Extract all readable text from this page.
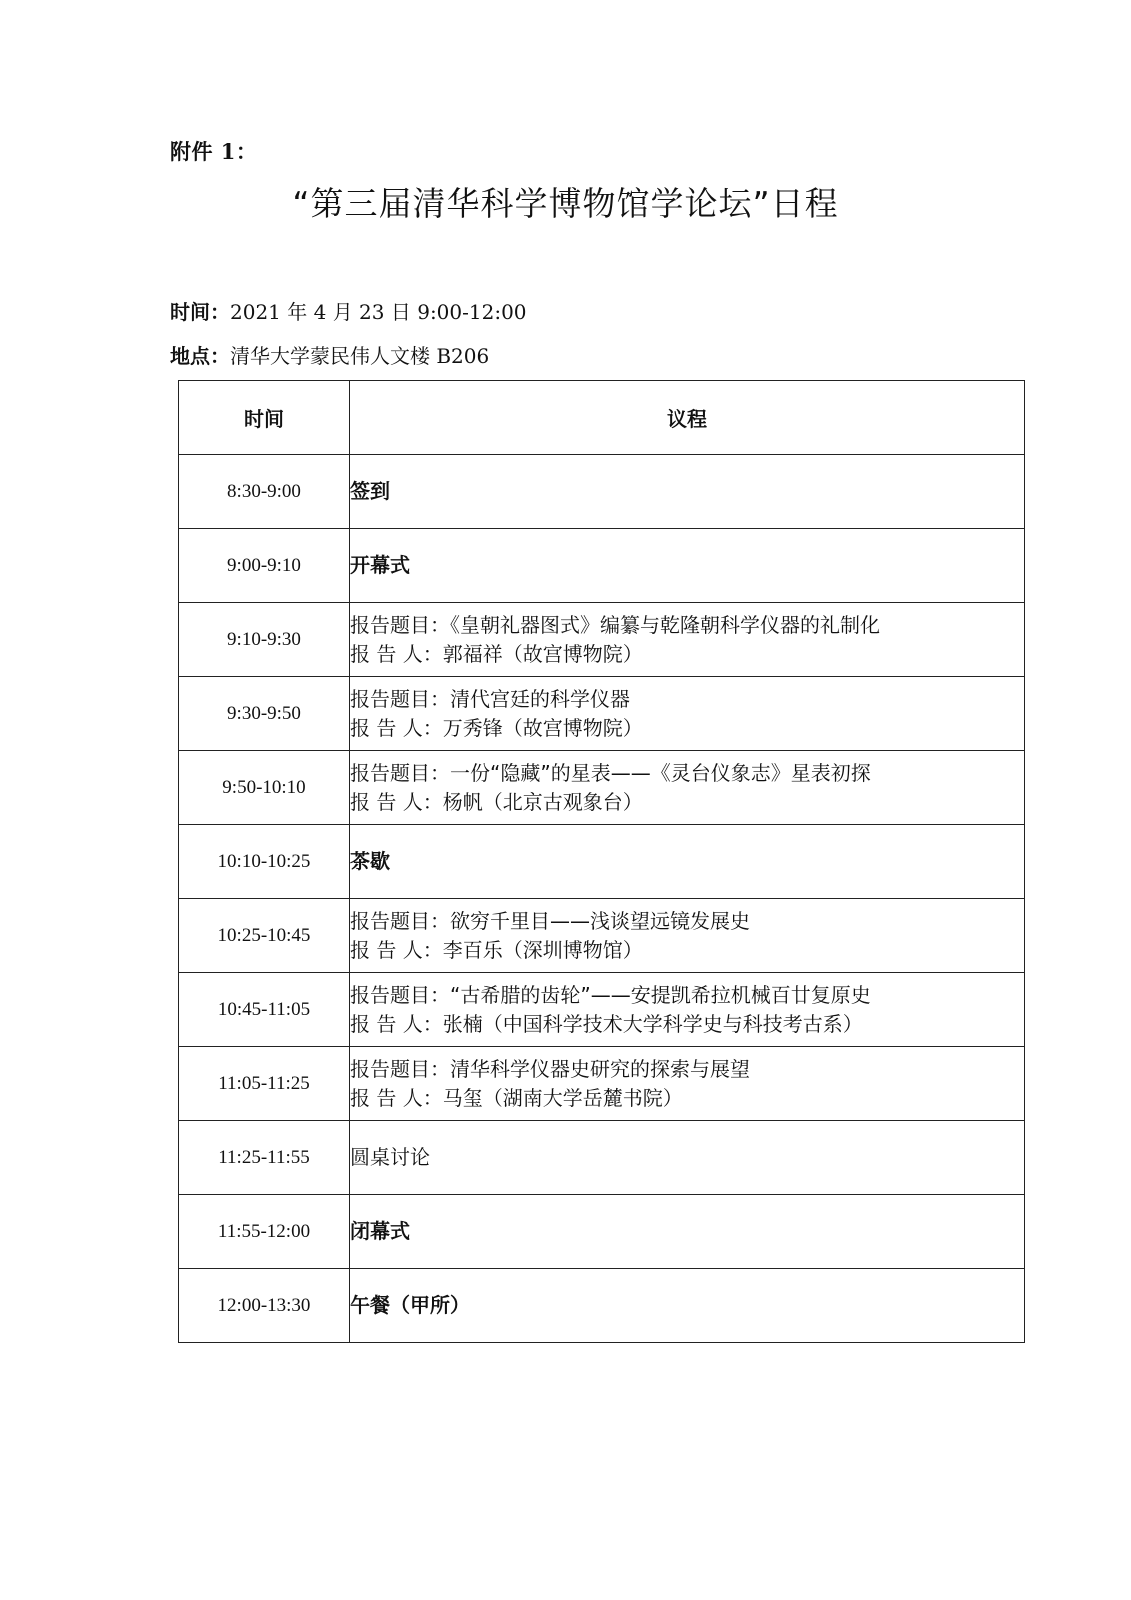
附件 1：
“第三届清华科学博物馆学论坛”日程
时间：2021 年 4 月 23 日 9:00-12:00
地点：清华大学蒙民伟人文楼 B206
时间	议程
8:30-9:00	签到

9:00-9:10	开幕式

9:10-9:30	报告题目：《皇朝礼器图式》编纂与乾隆朝科学仪器的礼制化
报 告 人：郭福祥（故宫博物院）

9:30-9:50	报告题目：清代宫廷的科学仪器
报 告 人：万秀锋（故宫博物院）

9:50-10:10	报告题目：一份“隐藏”的星表——《灵台仪象志》星表初探
报 告 人：杨帆（北京古观象台）

10:10-10:25	茶歇

10:25-10:45	报告题目：欲穷千里目——浅谈望远镜发展史
报 告 人：李百乐（深圳博物馆）

10:45-11:05	报告题目：“古希腊的齿轮”——安提凯希拉机械百廿复原史
报 告 人：张楠（中国科学技术大学科学史与科技考古系）

11:05-11:25	报告题目：清华科学仪器史研究的探索与展望
报 告 人：马玺（湖南大学岳麓书院）

11:25-11:55	圆桌讨论

11:55-12:00	闭幕式

12:00-13:30	午餐（甲所）
